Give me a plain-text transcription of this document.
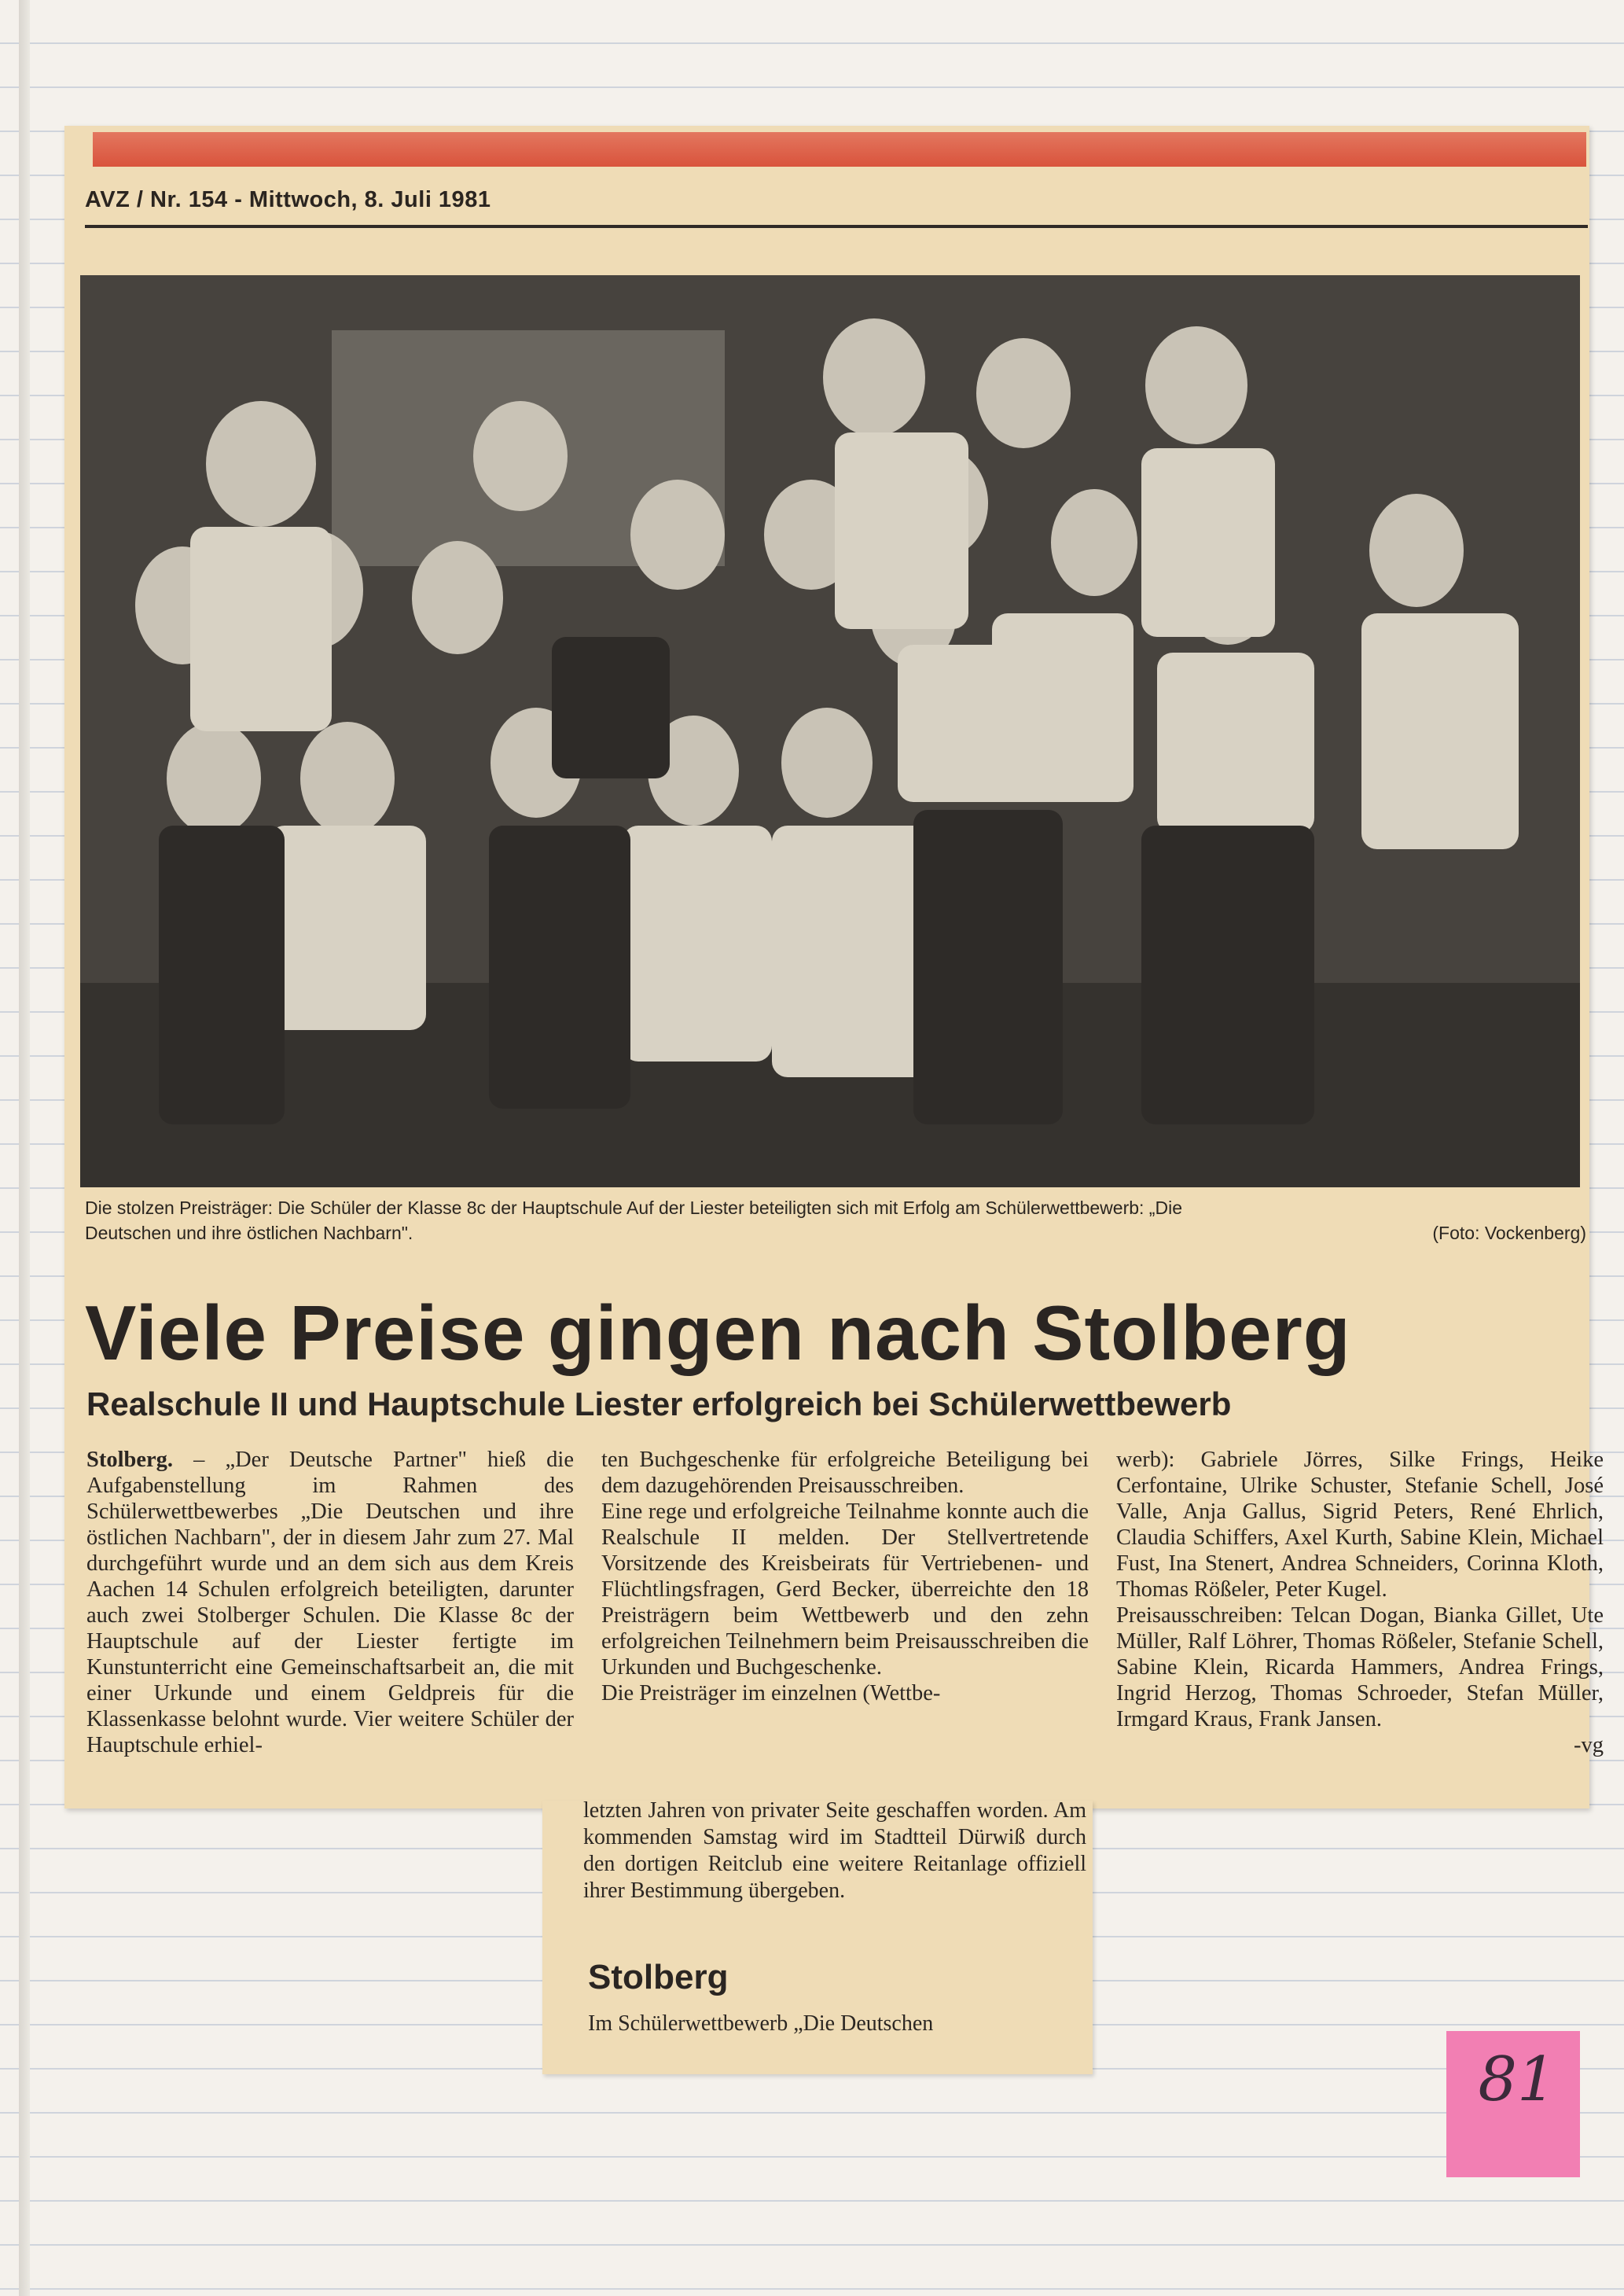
AVZ / Nr. 154 - Mittwoch, 8. Juli 1981
Die stolzen Preisträger: Die Schüler der Klasse 8c der Hauptschule Auf der Liester beteiligten sich mit Erfolg am Schülerwettbewerb: „Die
Deutschen und ihre östlichen Nachbarn".	(Foto: Vockenberg)
Viele Preise gingen nach Stolberg
Realschule II und Hauptschule Liester erfolgreich bei Schülerwettbewerb

Stolberg. – „Der Deutsche Partner" hieß die Aufgabenstellung im Rahmen des Schülerwettbewerbes „Die Deutschen und ihre östlichen Nachbarn", der in diesem Jahr zum 27. Mal durchgeführt wurde und an dem sich aus dem Kreis Aachen 14 Schulen erfolgreich beteiligten, darunter auch zwei Stolberger Schulen. Die Klasse 8c der Hauptschule auf der Liester fertigte im Kunstunterricht eine Gemeinschaftsarbeit an, die mit einer Urkunde und einem Geldpreis für die Klassenkasse belohnt wurde. Vier weitere Schüler der Hauptschule erhiel-

ten Buchgeschenke für erfolgreiche Beteiligung bei dem dazugehörenden Preisausschreiben.

Eine rege und erfolgreiche Teilnahme konnte auch die Realschule II melden. Der Stellvertretende Vorsitzende des Kreisbeirats für Vertriebenen- und Flüchtlingsfragen, Gerd Becker, überreichte den 18 Preisträgern beim Wettbewerb und den zehn erfolgreichen Teilnehmern beim Preisausschreiben die Urkunden und Buchgeschenke.

Die Preisträger im einzelnen (Wettbe-

werb): Gabriele Jörres, Silke Frings, Heike Cerfontaine, Ulrike Schuster, Stefanie Schell, José Valle, Anja Gallus, Sigrid Peters, René Ehrlich, Claudia Schiffers, Axel Kurth, Sabine Klein, Michael Fust, Ina Stenert, Andrea Schneiders, Corinna Kloth, Thomas Rößeler, Peter Kugel.

Preisausschreiben: Telcan Dogan, Bianka Gillet, Ute Müller, Ralf Löhrer, Thomas Rößeler, Stefanie Schell, Sabine Klein, Ricarda Hammers, Andrea Frings, Ingrid Herzog, Thomas Schroeder, Stefan Müller, Irmgard Kraus, Frank Jansen.

-vg
letzten Jahren von privater Seite geschaffen worden. Am kommenden Samstag wird im Stadtteil Dürwiß durch den dortigen Reitclub eine weitere Reitanlage offiziell ihrer Bestimmung übergeben.
Stolberg
Im Schülerwettbewerb „Die Deutschen
81
